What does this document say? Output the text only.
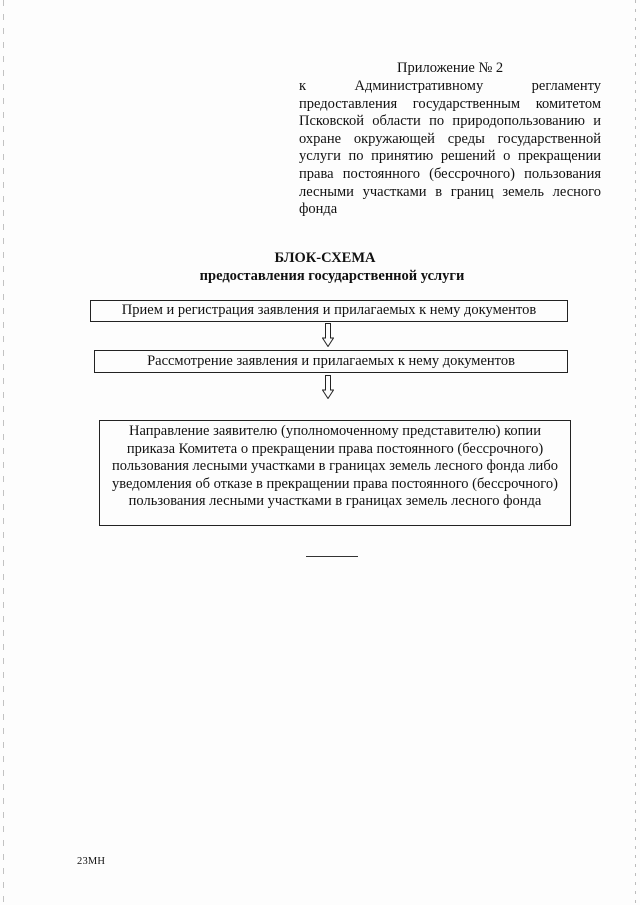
Приложение № 2
к Административному регламенту предоставления государственным комитетом Псковской области по природопользованию и охране окружающей среды государственной услуги по принятию решений о прекращении права постоянного (бессрочного) пользования лесными участками в границ земель лесного фонда
БЛОК-СХЕМА
предоставления государственной услуги
Прием и регистрация заявления и прилагаемых к нему документов
Рассмотрение заявления и прилагаемых к нему документов
Направление заявителю (уполномоченному представителю) копии приказа Комитета о прекращении права постоянного (бессрочного) пользования лесными участками в границах земель лесного фонда либо уведомления об отказе в прекращении права постоянного (бессрочного) пользования лесными участками в границах земель лесного фонда
23МН
